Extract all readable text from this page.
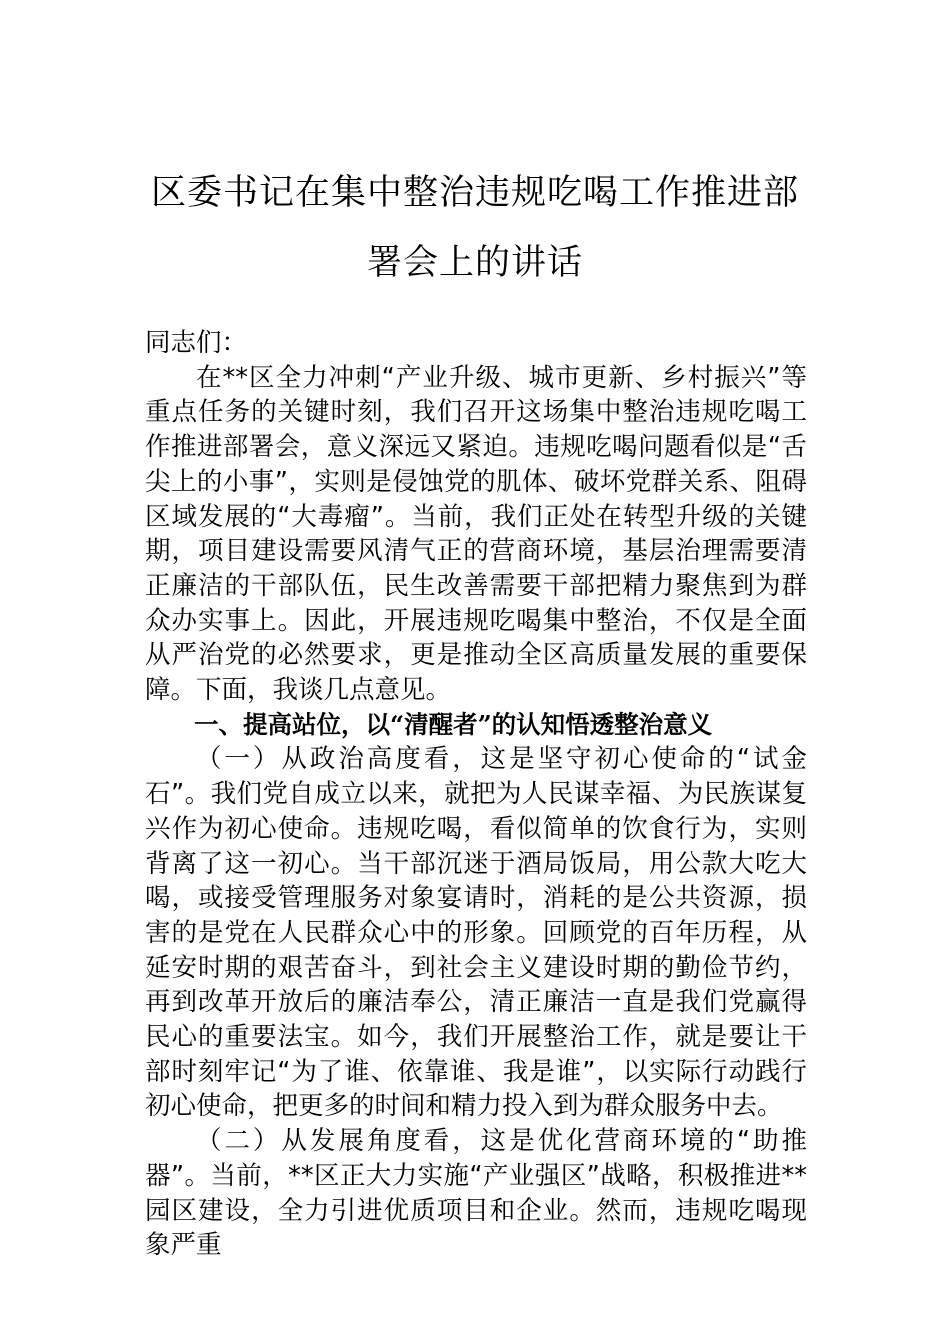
区委书记在集中整治违规吃喝工作推进部
署会上的讲话

同志们：

在**区全力冲刺“产业升级、城市更新、乡村振兴”等重点任务的关键时刻，我们召开这场集中整治违规吃喝工作推进部署会，意义深远又紧迫。违规吃喝问题看似是“舌尖上的小事”，实则是侵蚀党的肌体、破坏党群关系、阻碍区域发展的“大毒瘤”。当前，我们正处在转型升级的关键期，项目建设需要风清气正的营商环境，基层治理需要清正廉洁的干部队伍，民生改善需要干部把精力聚焦到为群众办实事上。因此，开展违规吃喝集中整治，不仅是全面从严治党的必然要求，更是推动全区高质量发展的重要保障。下面，我谈几点意见。

一、提高站位，以“清醒者”的认知悟透整治意义

（一）从政治高度看，这是坚守初心使命的“试金石”。我们党自成立以来，就把为人民谋幸福、为民族谋复兴作为初心使命。违规吃喝，看似简单的饮食行为，实则背离了这一初心。当干部沉迷于酒局饭局，用公款大吃大喝，或接受管理服务对象宴请时，消耗的是公共资源，损害的是党在人民群众心中的形象。回顾党的百年历程，从延安时期的艰苦奋斗，到社会主义建设时期的勤俭节约，再到改革开放后的廉洁奉公，清正廉洁一直是我们党赢得民心的重要法宝。如今，我们开展整治工作，就是要让干部时刻牢记“为了谁、依靠谁、我是谁”，以实际行动践行初心使命，把更多的时间和精力投入到为群众服务中去。

（二）从发展角度看，这是优化营商环境的“助推器”。当前，**区正大力实施“产业强区”战略，积极推进**园区建设，全力引进优质项目和企业。然而，违规吃喝现象严重
